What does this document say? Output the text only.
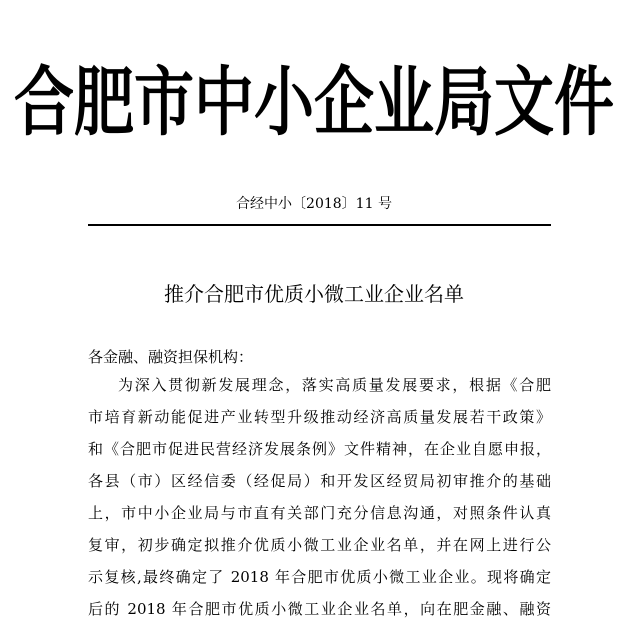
合肥市中小企业局文件
合经中小〔2018〕11 号
推介合肥市优质小微工业企业名单
各金融、融资担保机构：
为深入贯彻新发展理念，落实高质量发展要求，根据《合肥
市培育新动能促进产业转型升级推动经济高质量发展若干政策》
和《合肥市促进民营经济发展条例》文件精神，在企业自愿申报，
各县（市）区经信委（经促局）和开发区经贸局初审推介的基础
上，市中小企业局与市直有关部门充分信息沟通，对照条件认真
复审，初步确定拟推介优质小微工业企业名单，并在网上进行公
示复核,最终确定了 2018 年合肥市优质小微工业企业。现将确定
后的 2018 年合肥市优质小微工业企业名单，向在肥金融、融资
